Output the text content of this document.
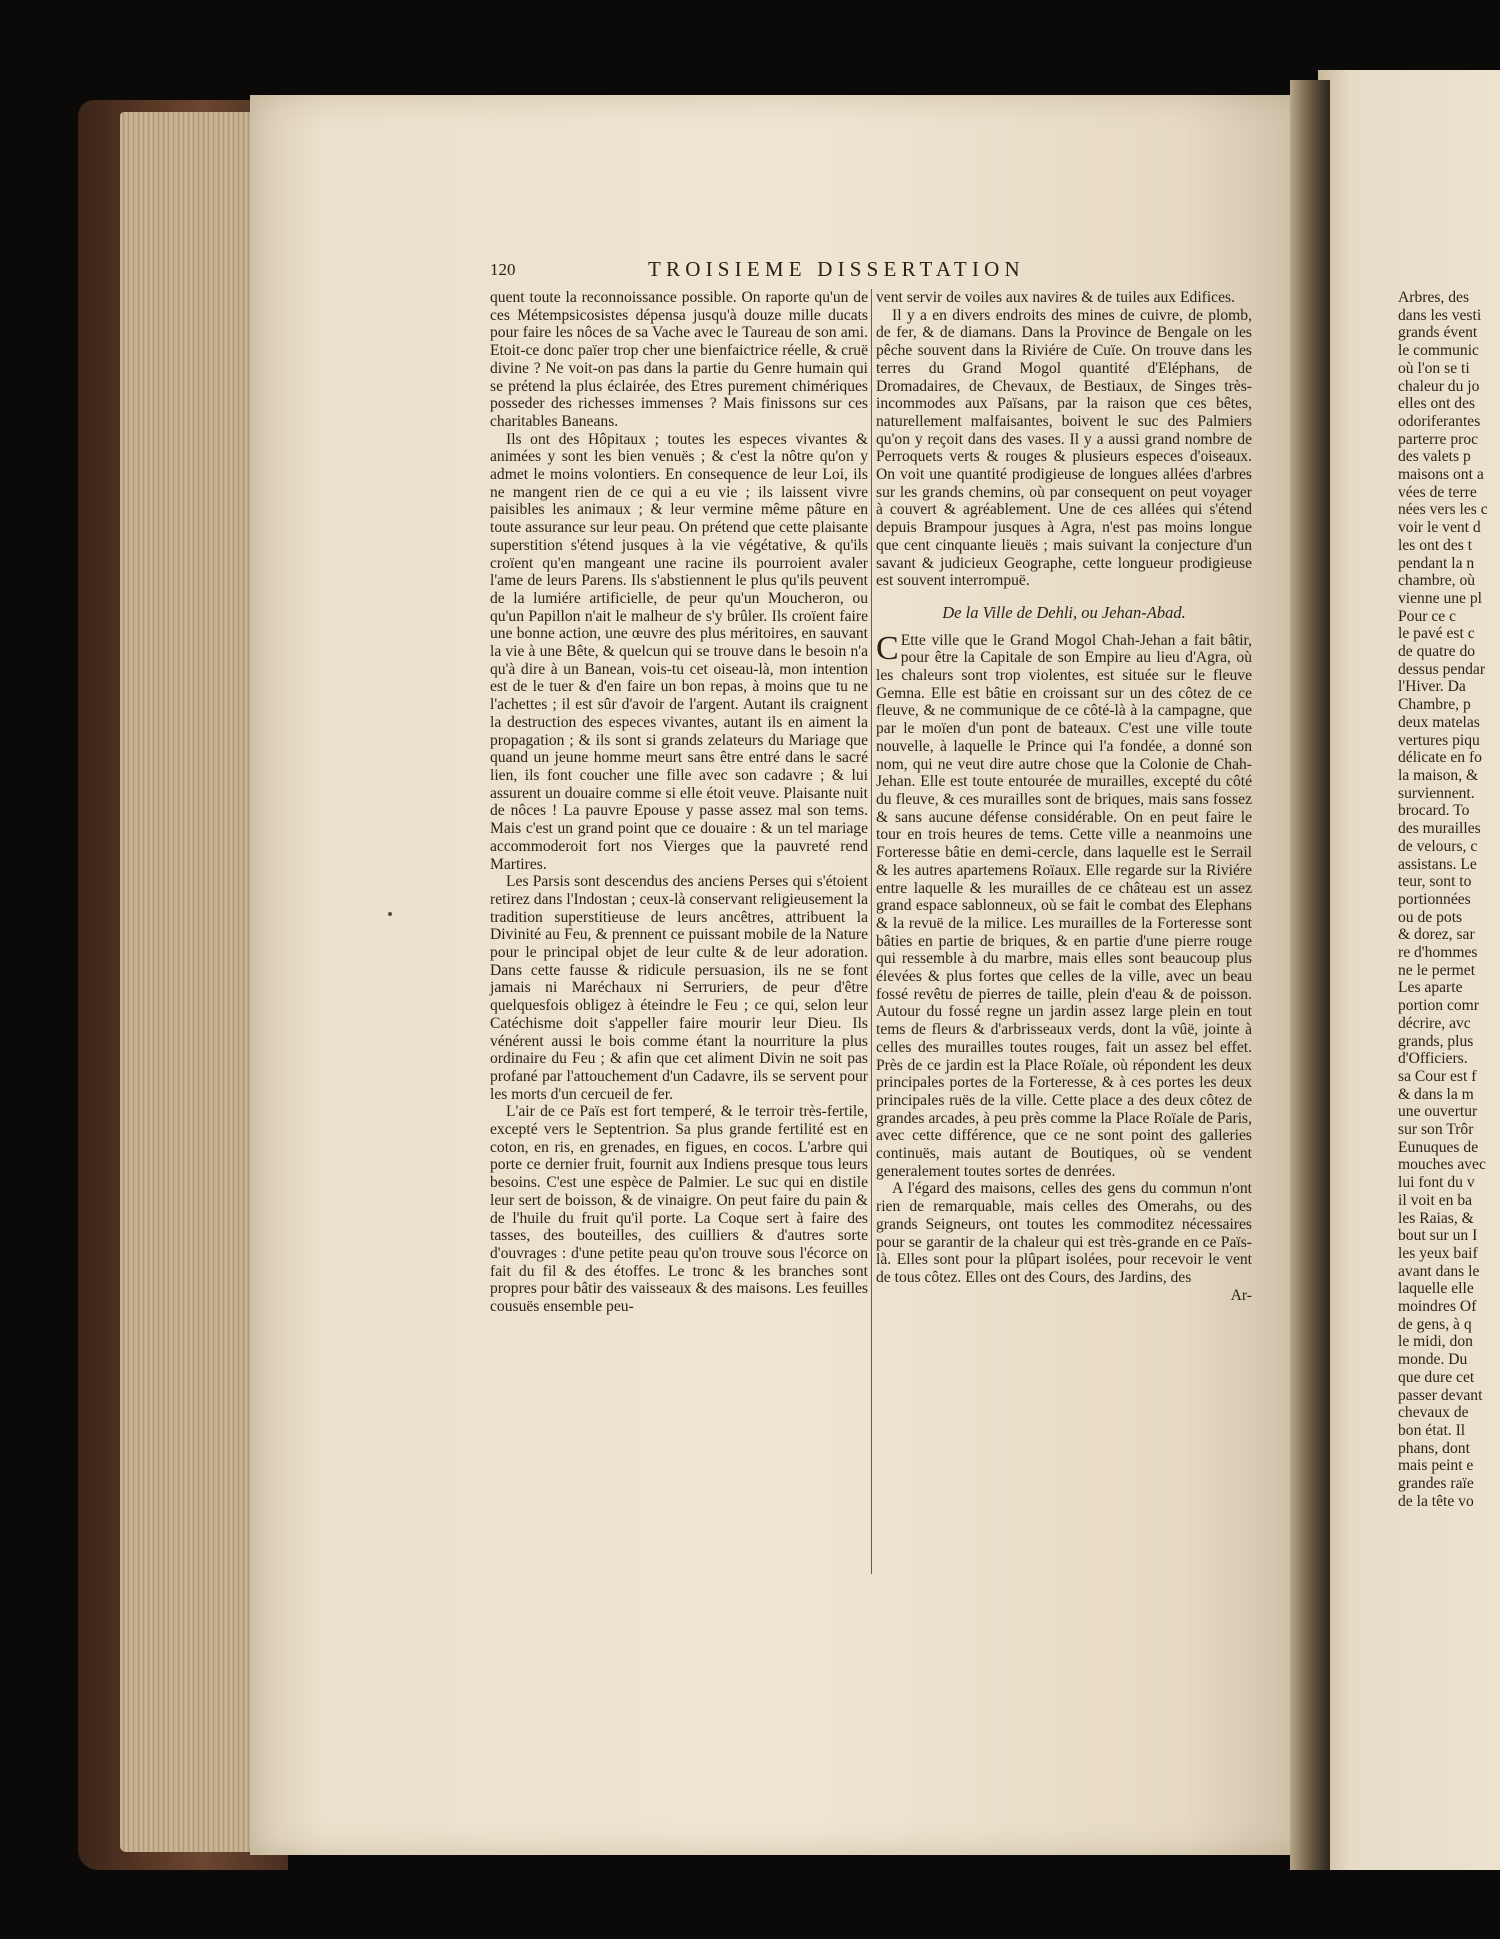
120	TROISIEME DISSERTATION

quent toute la reconnoissance possible. On raporte qu'un de ces Métempsicosistes dépensa jusqu'à douze mille ducats pour faire les nôces de sa Vache avec le Taureau de son ami. Etoit-ce donc païer trop cher une bienfaictrice réelle, & cruë divine ? Ne voit-on pas dans la partie du Genre humain qui se prétend la plus éclairée, des Etres purement chimériques posseder des richesses immenses ? Mais finissons sur ces charitables Baneans.

Ils ont des Hôpitaux ; toutes les especes vivantes & animées y sont les bien venuës ; & c'est la nôtre qu'on y admet le moins volontiers. En consequence de leur Loi, ils ne mangent rien de ce qui a eu vie ; ils laissent vivre paisibles les animaux ; & leur vermine même pâture en toute assurance sur leur peau. On prétend que cette plaisante superstition s'étend jusques à la vie végétative, & qu'ils croïent qu'en mangeant une racine ils pourroient avaler l'ame de leurs Parens. Ils s'abstiennent le plus qu'ils peuvent de la lumiére artificielle, de peur qu'un Moucheron, ou qu'un Papillon n'ait le malheur de s'y brûler. Ils croïent faire une bonne action, une œuvre des plus méritoires, en sauvant la vie à une Bête, & quelcun qui se trouve dans le besoin n'a qu'à dire à un Banean, vois-tu cet oiseau-là, mon intention est de le tuer & d'en faire un bon repas, à moins que tu ne l'achettes ; il est sûr d'avoir de l'argent. Autant ils craignent la destruction des especes vivantes, autant ils en aiment la propagation ; & ils sont si grands zelateurs du Mariage que quand un jeune homme meurt sans être entré dans le sacré lien, ils font coucher une fille avec son cadavre ; & lui assurent un douaire comme si elle étoit veuve. Plaisante nuit de nôces ! La pauvre Epouse y passe assez mal son tems. Mais c'est un grand point que ce douaire : & un tel mariage accommoderoit fort nos Vierges que la pauvreté rend Martires.

Les Parsis sont descendus des anciens Perses qui s'étoient retirez dans l'Indostan ; ceux-là conservant religieusement la tradition superstitieuse de leurs ancêtres, attribuent la Divinité au Feu, & prennent ce puissant mobile de la Nature pour le principal objet de leur culte & de leur adoration. Dans cette fausse & ridicule persuasion, ils ne se font jamais ni Maréchaux ni Serruriers, de peur d'être quelquesfois obligez à éteindre le Feu ; ce qui, selon leur Catéchisme doit s'appeller faire mourir leur Dieu. Ils vénérent aussi le bois comme étant la nourriture la plus ordinaire du Feu ; & afin que cet aliment Divin ne soit pas profané par l'attouchement d'un Cadavre, ils se servent pour les morts d'un cercueil de fer.

L'air de ce Païs est fort temperé, & le terroir très-fertile, excepté vers le Septentrion. Sa plus grande fertilité est en coton, en ris, en grenades, en figues, en cocos. L'arbre qui porte ce dernier fruit, fournit aux Indiens presque tous leurs besoins. C'est une espèce de Palmier. Le suc qui en distile leur sert de boisson, & de vinaigre. On peut faire du pain & de l'huile du fruit qu'il porte. La Coque sert à faire des tasses, des bouteilles, des cuilliers & d'autres sorte d'ouvrages : d'une petite peau qu'on trouve sous l'écorce on fait du fil & des étoffes. Le tronc & les branches sont propres pour bâtir des vaisseaux & des maisons. Les feuilles cousuës ensemble peu-

vent servir de voiles aux navires & de tuiles aux Edifices.

Il y a en divers endroits des mines de cuivre, de plomb, de fer, & de diamans. Dans la Province de Bengale on les pêche souvent dans la Riviére de Cuïe. On trouve dans les terres du Grand Mogol quantité d'Eléphans, de Dromadaires, de Chevaux, de Bestiaux, de Singes très-incommodes aux Païsans, par la raison que ces bêtes, naturellement malfaisantes, boivent le suc des Palmiers qu'on y reçoit dans des vases. Il y a aussi grand nombre de Perroquets verts & rouges & plusieurs especes d'oiseaux. On voit une quantité prodigieuse de longues allées d'arbres sur les grands chemins, où par consequent on peut voyager à couvert & agréablement. Une de ces allées qui s'étend depuis Brampour jusques à Agra, n'est pas moins longue que cent cinquante lieuës ; mais suivant la conjecture d'un savant & judicieux Geographe, cette longueur prodigieuse est souvent interrompuë.

De la Ville de Dehli, ou Jehan-Abad.

C Ette ville que le Grand Mogol Chah-Jehan a fait bâtir, pour être la Capitale de son Empire au lieu d'Agra, où les chaleurs sont trop violentes, est située sur le fleuve Gemna. Elle est bâtie en croissant sur un des côtez de ce fleuve, & ne communique de ce côté-là à la campagne, que par le moïen d'un pont de bateaux. C'est une ville toute nouvelle, à laquelle le Prince qui l'a fondée, a donné son nom, qui ne veut dire autre chose que la Colonie de Chah-Jehan. Elle est toute entourée de murailles, excepté du côté du fleuve, & ces murailles sont de briques, mais sans fossez & sans aucune défense considérable. On en peut faire le tour en trois heures de tems. Cette ville a neanmoins une Forteresse bâtie en demi-cercle, dans laquelle est le Serrail & les autres apartemens Roïaux. Elle regarde sur la Riviére entre laquelle & les murailles de ce château est un assez grand espace sablonneux, où se fait le combat des Elephans & la revuë de la milice. Les murailles de la Forteresse sont bâties en partie de briques, & en partie d'une pierre rouge qui ressemble à du marbre, mais elles sont beaucoup plus élevées & plus fortes que celles de la ville, avec un beau fossé revêtu de pierres de taille, plein d'eau & de poisson. Autour du fossé regne un jardin assez large plein en tout tems de fleurs & d'arbrisseaux verds, dont la vûë, jointe à celles des murailles toutes rouges, fait un assez bel effet. Près de ce jardin est la Place Roïale, où répondent les deux principales portes de la Forteresse, & à ces portes les deux principales ruës de la ville. Cette place a des deux côtez de grandes arcades, à peu près comme la Place Roïale de Paris, avec cette différence, que ce ne sont point des galleries continuës, mais autant de Boutiques, où se vendent generalement toutes sortes de denrées.

A l'égard des maisons, celles des gens du commun n'ont rien de remarquable, mais celles des Omerahs, ou des grands Seigneurs, ont toutes les commoditez nécessaires pour se garantir de la chaleur qui est très-grande en ce Païs-là. Elles sont pour la plûpart isolées, pour recevoir le vent de tous côtez. Elles ont des Cours, des Jardins, des

Ar-

Arbres, des

dans les vesti

grands évent

le communic

où l'on se ti

chaleur du jo

elles ont des

odoriferantes

parterre proc

des valets p

maisons ont a

vées de terre

nées vers les c

voir le vent d

les ont des t

pendant la n

chambre, où

vienne une pl

Pour ce c

le pavé est c

de quatre do

dessus pendar

l'Hiver. Da

Chambre, p

deux matelas

vertures piqu

délicate en fo

la maison, &

surviennent.

brocard. To

des murailles

de velours, c

assistans. Le

teur, sont to

portionnées

ou de pots

& dorez, sar

re d'hommes

ne le permet

Les aparte

portion comr

décrire, avc

grands, plus

d'Officiers.

sa Cour est f

& dans la m

une ouvertur

sur son Trôr

Eunuques de

mouches avec

lui font du v

il voit en ba

les Raias, &

bout sur un I

les yeux baif

avant dans le

laquelle elle

moindres Of

de gens, à q

le midi, don

monde. Du

que dure cet

passer devant

chevaux de

bon état. Il

phans, dont

mais peint e

grandes raïe

de la tête vo
